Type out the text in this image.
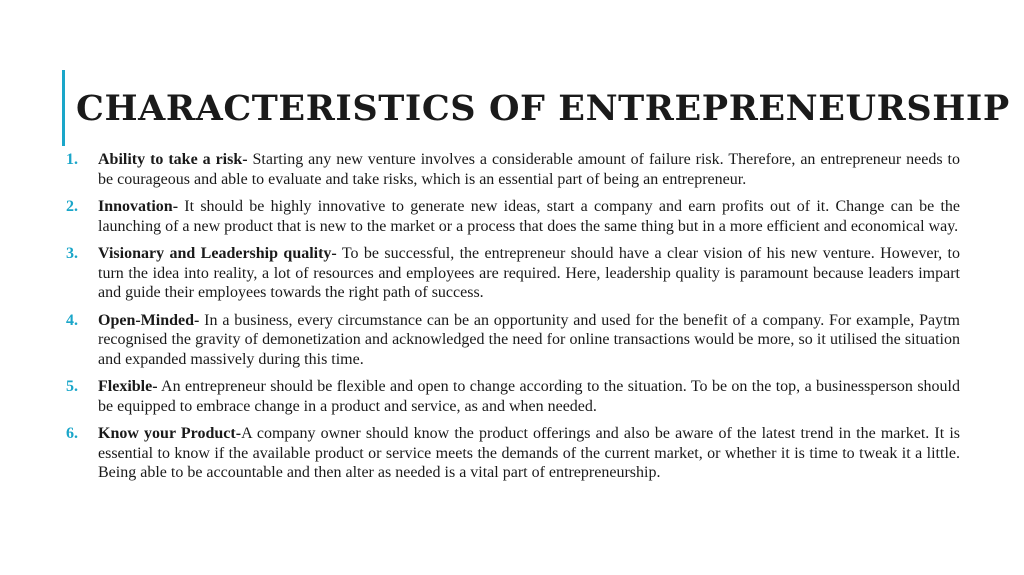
CHARACTERISTICS OF ENTREPRENEURSHIP
1.	Ability to take a risk- Starting any new venture involves a considerable amount of failure risk. Therefore, an entrepreneur needs to be courageous and able to evaluate and take risks, which is an essential part of being an entrepreneur.
2.	Innovation- It should be highly innovative to generate new ideas, start a company and earn profits out of it. Change can be the launching of a new product that is new to the market or a process that does the same thing but in a more efficient and economical way.
3.	Visionary and Leadership quality- To be successful, the entrepreneur should have a clear vision of his new venture. However, to turn the idea into reality, a lot of resources and employees are required. Here, leadership quality is paramount because leaders impart and guide their employees towards the right path of success.
4.	Open-Minded- In a business, every circumstance can be an opportunity and used for the benefit of a company. For example, Paytm recognised the gravity of demonetization and acknowledged the need for online transactions would be more, so it utilised the situation and expanded massively during this time.
5.	Flexible- An entrepreneur should be flexible and open to change according to the situation. To be on the top, a businessperson should be equipped to embrace change in a product and service, as and when needed.
6.	Know your Product-A company owner should know the product offerings and also be aware of the latest trend in the market. It is essential to know if the available product or service meets the demands of the current market, or whether it is time to tweak it a little. Being able to be accountable and then alter as needed is a vital part of entrepreneurship.
